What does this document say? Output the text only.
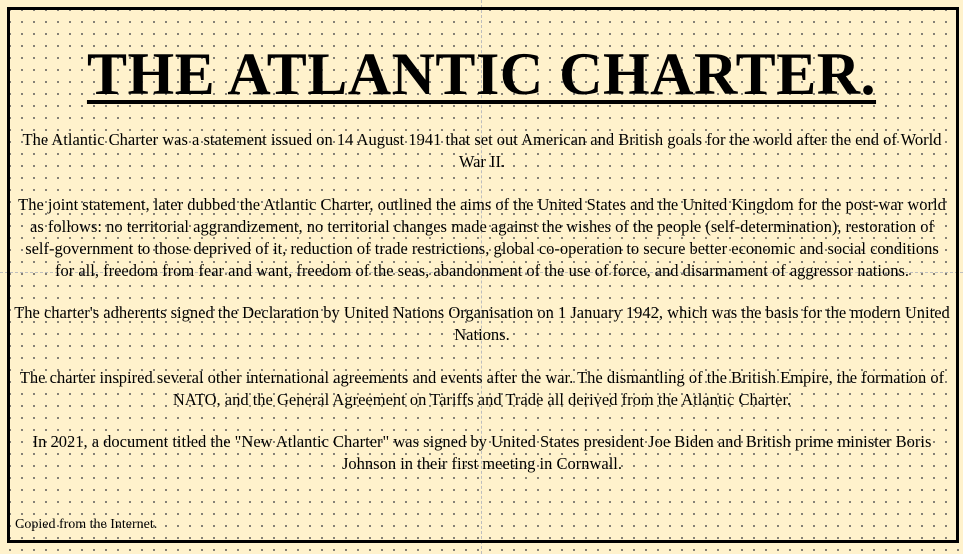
THE ATLANTIC CHARTER.

The Atlantic Charter was a statement issued on 14 August 1941 that set out American and British goals for the world after the end of World War II.

The joint statement, later dubbed the Atlantic Charter, outlined the aims of the United States and the United Kingdom for the post-war world as follows: no territorial aggrandizement, no territorial changes made against the wishes of the people (self-determination), restoration of self-government to those deprived of it, reduction of trade restrictions, global co-operation to secure better economic and social conditions for all, freedom from fear and want, freedom of the seas, abandonment of the use of force, and disarmament of aggressor nations.

The charter's adherents signed the Declaration by United Nations Organisation on 1 January 1942, which was the basis for the modern United Nations.

The charter inspired several other international agreements and events after the war. The dismantling of the British Empire, the formation of NATO, and the General Agreement on Tariffs and Trade all derived from the Atlantic Charter.

In 2021, a document titled the "New Atlantic Charter" was signed by United States president Joe Biden and British prime minister Boris Johnson in their first meeting in Cornwall.

Copied from the Internet.
